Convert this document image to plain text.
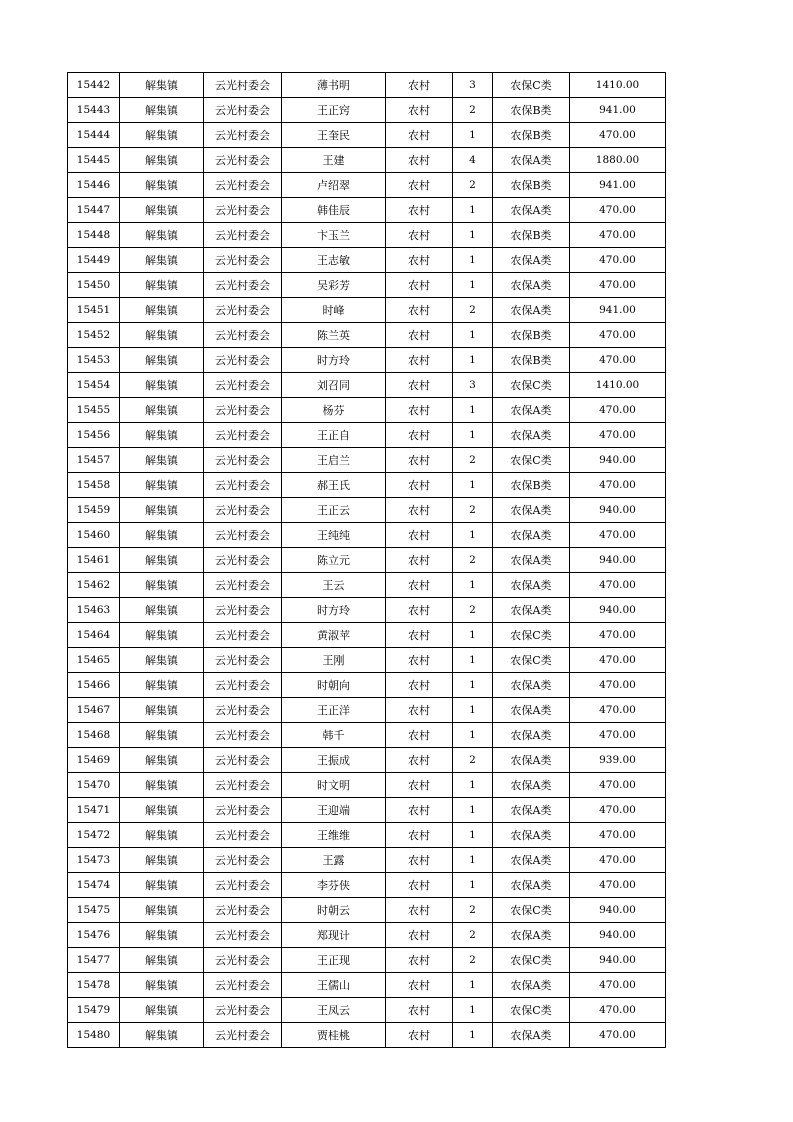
15442	解集镇	云光村委会	薄书明	农村	3	农保C类	1410.00
15443	解集镇	云光村委会	王正窍	农村	2	农保B类	941.00
15444	解集镇	云光村委会	王奎民	农村	1	农保B类	470.00
15445	解集镇	云光村委会	王建	农村	4	农保A类	1880.00
15446	解集镇	云光村委会	卢绍翠	农村	2	农保B类	941.00
15447	解集镇	云光村委会	韩佳辰	农村	1	农保A类	470.00
15448	解集镇	云光村委会	卞玉兰	农村	1	农保B类	470.00
15449	解集镇	云光村委会	王志敏	农村	1	农保A类	470.00
15450	解集镇	云光村委会	吴彩芳	农村	1	农保A类	470.00
15451	解集镇	云光村委会	时峰	农村	2	农保A类	941.00
15452	解集镇	云光村委会	陈兰英	农村	1	农保B类	470.00
15453	解集镇	云光村委会	时方玲	农村	1	农保B类	470.00
15454	解集镇	云光村委会	刘召同	农村	3	农保C类	1410.00
15455	解集镇	云光村委会	杨芬	农村	1	农保A类	470.00
15456	解集镇	云光村委会	王正自	农村	1	农保A类	470.00
15457	解集镇	云光村委会	王启兰	农村	2	农保C类	940.00
15458	解集镇	云光村委会	郝王氏	农村	1	农保B类	470.00
15459	解集镇	云光村委会	王正云	农村	2	农保A类	940.00
15460	解集镇	云光村委会	王纯纯	农村	1	农保A类	470.00
15461	解集镇	云光村委会	陈立元	农村	2	农保A类	940.00
15462	解集镇	云光村委会	王云	农村	1	农保A类	470.00
15463	解集镇	云光村委会	时方玲	农村	2	农保A类	940.00
15464	解集镇	云光村委会	黄淑苹	农村	1	农保C类	470.00
15465	解集镇	云光村委会	王刚	农村	1	农保C类	470.00
15466	解集镇	云光村委会	时朝向	农村	1	农保A类	470.00
15467	解集镇	云光村委会	王正洋	农村	1	农保A类	470.00
15468	解集镇	云光村委会	韩千	农村	1	农保A类	470.00
15469	解集镇	云光村委会	王振成	农村	2	农保A类	939.00
15470	解集镇	云光村委会	时文明	农村	1	农保A类	470.00
15471	解集镇	云光村委会	王迎端	农村	1	农保A类	470.00
15472	解集镇	云光村委会	王维维	农村	1	农保A类	470.00
15473	解集镇	云光村委会	王露	农村	1	农保A类	470.00
15474	解集镇	云光村委会	李芬侠	农村	1	农保A类	470.00
15475	解集镇	云光村委会	时朝云	农村	2	农保C类	940.00
15476	解集镇	云光村委会	郑现计	农村	2	农保A类	940.00
15477	解集镇	云光村委会	王正现	农村	2	农保C类	940.00
15478	解集镇	云光村委会	王儒山	农村	1	农保A类	470.00
15479	解集镇	云光村委会	王凤云	农村	1	农保C类	470.00
15480	解集镇	云光村委会	贾桂桃	农村	1	农保A类	470.00
